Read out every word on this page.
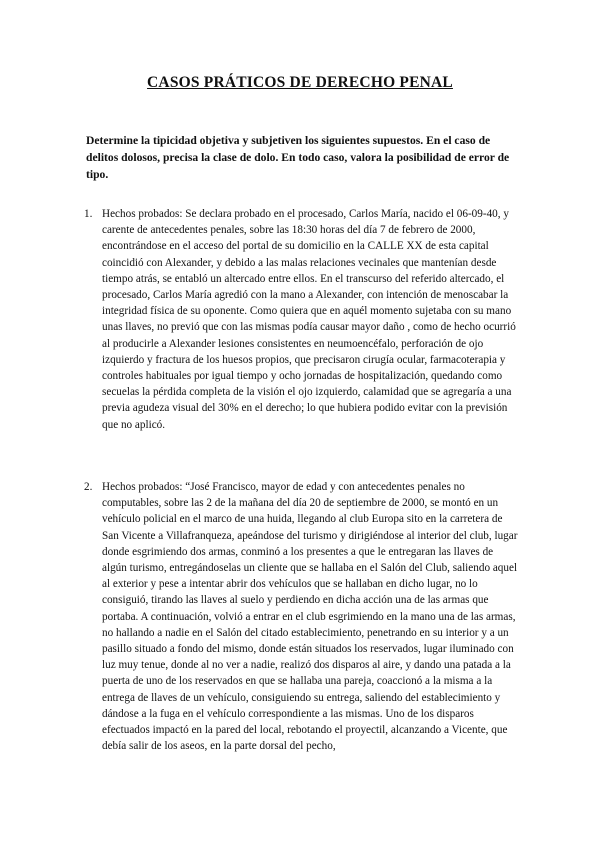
CASOS PRÁTICOS DE DERECHO PENAL

Determine la tipicidad objetiva y subjetiven los siguientes supuestos. En el caso de delitos dolosos, precisa la clase de dolo. En todo caso, valora la posibilidad de error de tipo.

1. Hechos probados: Se declara probado en el procesado, Carlos María, nacido el 06-09-40, y carente de antecedentes penales, sobre las 18:30 horas del día 7 de febrero de 2000, encontrándose en el acceso del portal de su domicilio en la CALLE XX de esta capital coincidió con Alexander, y debido a las malas relaciones vecinales que mantenían desde tiempo atrás, se entabló un altercado entre ellos. En el transcurso del referido altercado, el procesado, Carlos María agredió con la mano a Alexander, con intención de menoscabar la integridad física de su oponente. Como quiera que en aquél momento sujetaba con su mano unas llaves, no previó que con las mismas podía causar mayor daño , como de hecho ocurrió al producirle a Alexander lesiones consistentes en neumoencéfalo, perforación de ojo izquierdo y fractura de los huesos propios, que precisaron cirugía ocular, farmacoterapia y controles habituales por igual tiempo y ocho jornadas de hospitalización, quedando como secuelas la pérdida completa de la visión el ojo izquierdo, calamidad que se agregaría a una previa agudeza visual del 30% en el derecho; lo que hubiera podido evitar con la previsión que no aplicó.
2. Hechos probados: “José Francisco, mayor de edad y con antecedentes penales no computables, sobre las 2 de la mañana del día 20 de septiembre de 2000, se montó en un vehículo policial en el marco de una huida, llegando al club Europa sito en la carretera de San Vicente a Villafranqueza, apeándose del turismo y dirigiéndose al interior del club, lugar donde esgrimiendo dos armas, conminó a los presentes a que le entregaran las llaves de algún turismo, entregándoselas un cliente que se hallaba en el Salón del Club, saliendo aquel al exterior y pese a intentar abrir dos vehículos que se hallaban en dicho lugar, no lo consiguió, tirando las llaves al suelo y perdiendo en dicha acción una de las armas que portaba. A continuación, volvió a entrar en el club esgrimiendo en la mano una de las armas, no hallando a nadie en el Salón del citado establecimiento, penetrando en su interior y a un pasillo situado a fondo del mismo, donde están situados los reservados, lugar iluminado con luz muy tenue, donde al no ver a nadie, realizó dos disparos al aire, y dando una patada a la puerta de uno de los reservados en que se hallaba una pareja, coaccionó a la misma a la entrega de llaves de un vehículo, consiguiendo su entrega, saliendo del establecimiento y dándose a la fuga en el vehículo correspondiente a las mismas. Uno de los disparos efectuados impactó en la pared del local, rebotando el proyectil, alcanzando a Vicente, que debía salir de los aseos, en la parte dorsal del pecho,
